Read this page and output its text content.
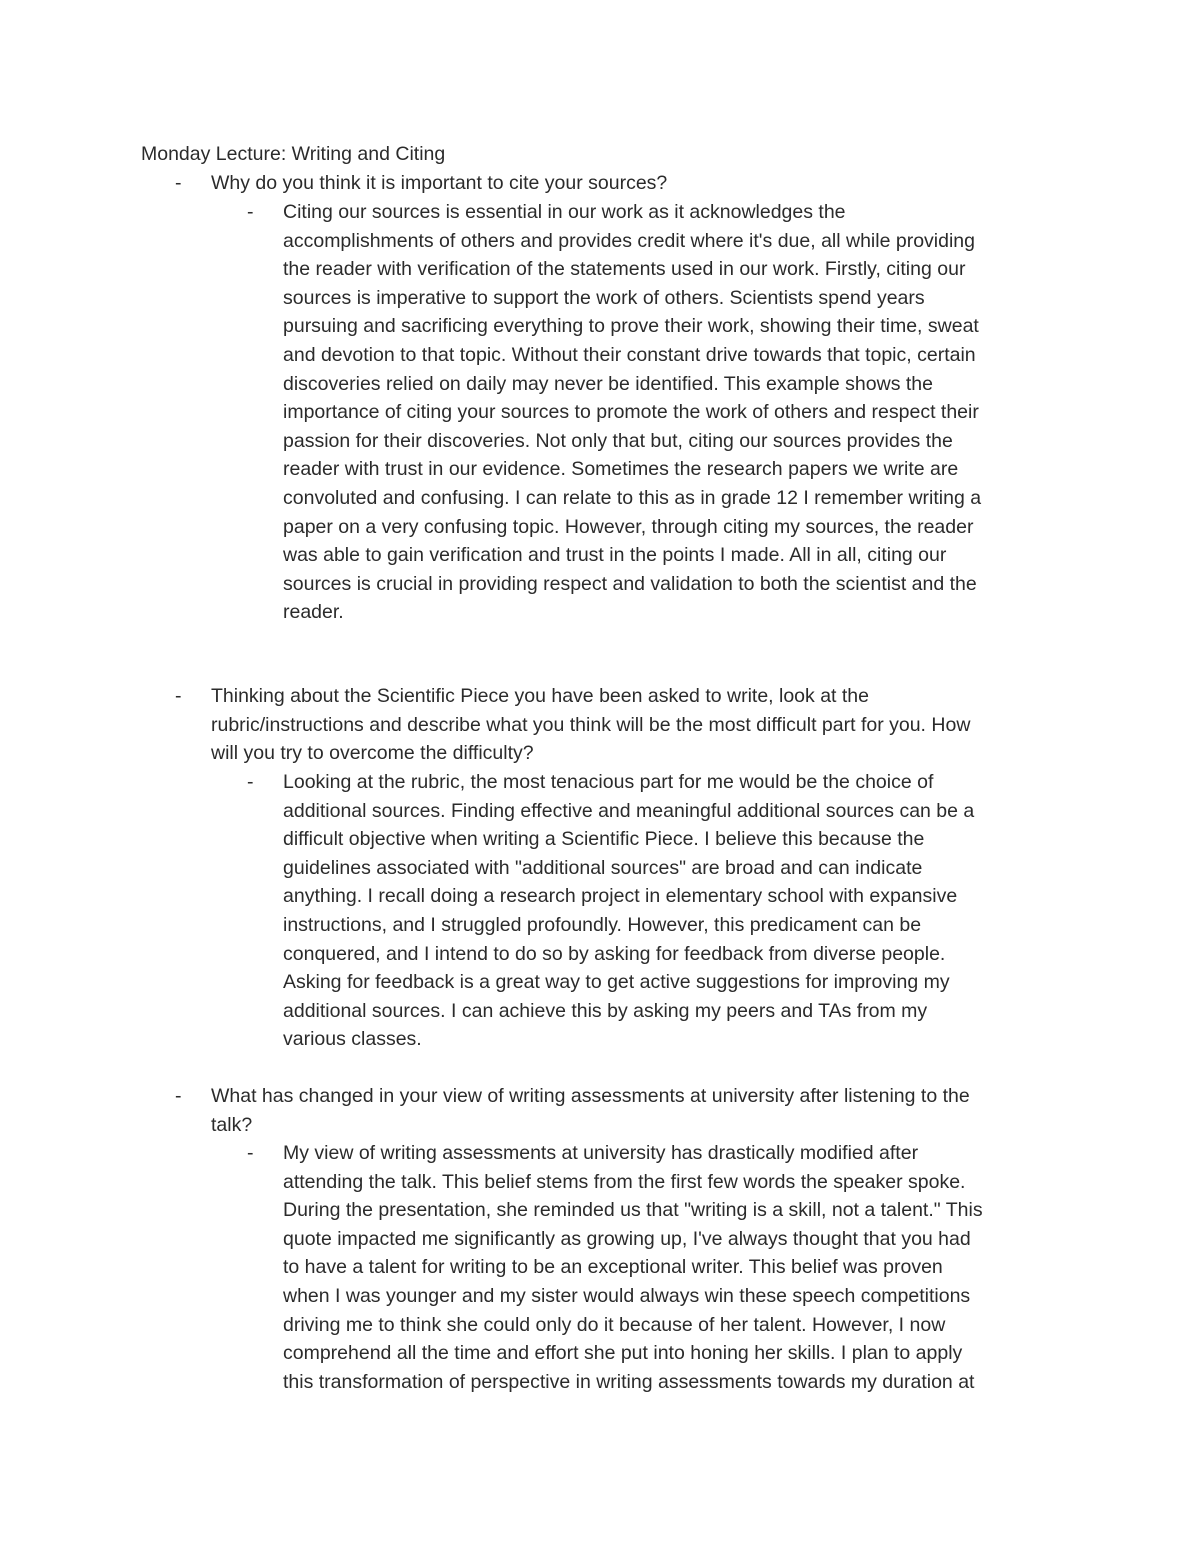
Monday Lecture: Writing and Citing
- Why do you think it is important to cite your sources?
- Citing our sources is essential in our work as it acknowledges the
accomplishments of others and provides credit where it's due, all while providing
the reader with verification of the statements used in our work. Firstly, citing our
sources is imperative to support the work of others. Scientists spend years
pursuing and sacrificing everything to prove their work, showing their time, sweat
and devotion to that topic. Without their constant drive towards that topic, certain
discoveries relied on daily may never be identified. This example shows the
importance of citing your sources to promote the work of others and respect their
passion for their discoveries. Not only that but, citing our sources provides the
reader with trust in our evidence. Sometimes the research papers we write are
convoluted and confusing. I can relate to this as in grade 12 I remember writing a
paper on a very confusing topic. However, through citing my sources, the reader
was able to gain verification and trust in the points I made. All in all, citing our
sources is crucial in providing respect and validation to both the scientist and the
reader.
- Thinking about the Scientific Piece you have been asked to write, look at the
rubric/instructions and describe what you think will be the most difficult part for you. How
will you try to overcome the difficulty?
- Looking at the rubric, the most tenacious part for me would be the choice of
additional sources. Finding effective and meaningful additional sources can be a
difficult objective when writing a Scientific Piece. I believe this because the
guidelines associated with "additional sources" are broad and can indicate
anything. I recall doing a research project in elementary school with expansive
instructions, and I struggled profoundly. However, this predicament can be
conquered, and I intend to do so by asking for feedback from diverse people.
Asking for feedback is a great way to get active suggestions for improving my
additional sources. I can achieve this by asking my peers and TAs from my
various classes.
- What has changed in your view of writing assessments at university after listening to the
talk?
- My view of writing assessments at university has drastically modified after
attending the talk. This belief stems from the first few words the speaker spoke.
During the presentation, she reminded us that "writing is a skill, not a talent." This
quote impacted me significantly as growing up, I've always thought that you had
to have a talent for writing to be an exceptional writer. This belief was proven
when I was younger and my sister would always win these speech competitions
driving me to think she could only do it because of her talent. However, I now
comprehend all the time and effort she put into honing her skills. I plan to apply
this transformation of perspective in writing assessments towards my duration at
